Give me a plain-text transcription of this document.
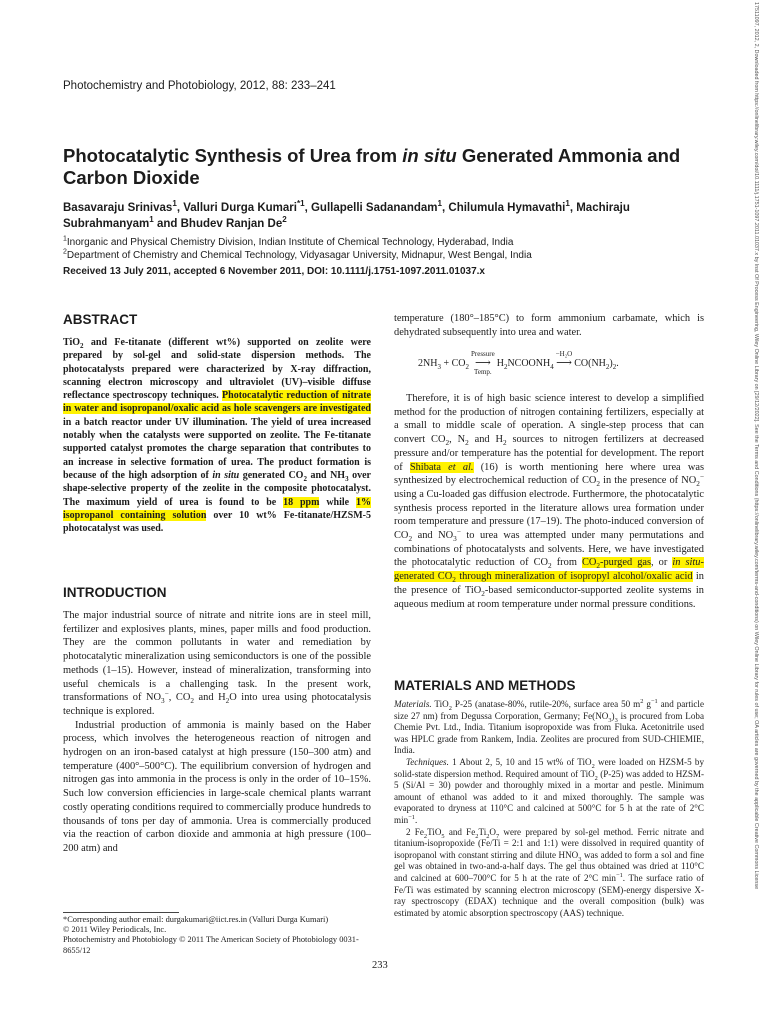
17511097, 2012, 2, Downloaded from https://onlinelibrary.wiley.com/doi/10.1111/j.1751-1097.2011.01037.x by Inst Of Process Engineering, Wiley Online Library on [29/12/2022]. See the Terms and Conditions (https://onlinelibrary.wiley.com/terms-and-conditions) on Wiley Online Library for rules of use; OA articles are governed by the applicable Creative Commons License
Photochemistry and Photobiology, 2012, 88: 233–241
Photocatalytic Synthesis of Urea from in situ Generated Ammonia and Carbon Dioxide
Basavaraju Srinivas$^1$, Valluri Durga Kumari$^{*1}$, Gullapelli Sadanandam$^1$, Chilumula Hymavathi$^1$, Machiraju Subrahmanyam$^1$ and Bhudev Ranjan De$^2$
$^1$Inorganic and Physical Chemistry Division, Indian Institute of Chemical Technology, Hyderabad, India
$^2$Department of Chemistry and Chemical Technology, Vidyasagar University, Midnapur, West Bengal, India
Received 13 July 2011, accepted 6 November 2011, DOI: 10.1111/j.1751-1097.2011.01037.x
ABSTRACT
TiO$_2$ and Fe-titanate (different wt%) supported on zeolite were prepared by sol-gel and solid-state dispersion methods. The photocatalysts prepared were characterized by X-ray diffraction, scanning electron microscopy and ultraviolet (UV)–visible diffuse reflectance spectroscopy techniques. Photocatalytic reduction of nitrate in water and isopropanol/oxalic acid as hole scavengers are investigated in a batch reactor under UV illumination. The yield of urea increased notably when the catalysts were supported on zeolite. The Fe-titanate supported catalyst promotes the charge separation that contributes to an increase in selective formation of urea. The product formation is because of the high adsorption of in situ generated $CO_2$ and $NH_3$ over shape-selective property of the zeolite in the composite photocatalyst. The maximum yield of urea is found to be 18 ppm while 1% isopropanol containing solution over 10 wt% Fe-titanate/HZSM-5 photocatalyst was used.
INTRODUCTION

The major industrial source of nitrate and nitrite ions are in steel mill, fertilizer and explosives plants, mines, paper mills and food production. They are the common pollutants in water and remediation by photocatalytic mineralization using semiconductors is one of the possible methods (1–15). However, instead of mineralization, transforming into useful chemicals is a challenging task. In the present work, transformations of $NO_3^-$, $CO_2$ and $H_2O$ into urea using photocatalysis technique is explored.

Industrial production of ammonia is mainly based on the Haber process, which involves the heterogeneous reaction of nitrogen and hydrogen on an iron-based catalyst at high pressure (150–300 atm) and temperature (400°–500°C). The equilibrium conversion of hydrogen and nitrogen gas into ammonia in the process is only in the order of 10–15%. Such low conversion efficiencies in large-scale chemical plants warrant costly operating conditions required to commercially produce hundreds to thousands of tons per day of ammonia. Urea is commercially produced via the reaction of carbon dioxide and ammonia at high pressure (100–200 atm) and

temperature (180°–185°C) to form ammonium carbamate, which is dehydrated subsequently into urea and water.
$2NH_3 + CO_2$
Pressure
⟶
Temp.
$H_2NCOONH_4$
−H₂O
⟶
$CO(NH_2)_2$.
Therefore, it is of high basic science interest to develop a simplified method for the production of nitrogen containing fertilizers, especially at a small to middle scale of operation. A single-step process that can convert $CO_2$, $N_2$ and $H_2$ sources to nitrogen fertilizers at decreased pressure and/or temperature has the potential for development. The report of Shibata et al. (16) is worth mentioning here where urea was synthesized by electrochemical reduction of $CO_2$ in the presence of $NO_2^-$ using a Cu-loaded gas diffusion electrode. Furthermore, the photocatalytic synthesis process reported in the literature allows urea formation under room temperature and pressure (17–19). The photo-induced conversion of $CO_2$ and $NO_3^-$ to urea was attempted under many permutations and combinations of photocatalysts and solvents. Here, we have investigated the photocatalytic reduction of $CO_2$ from $CO_2$-purged gas, or in situ-generated $CO_2$ through mineralization of isopropyl alcohol/oxalic acid in the presence of TiO$_2$-based semiconductor-supported zeolite systems in aqueous medium at room temperature under normal pressure conditions.
MATERIALS AND METHODS

Materials. TiO$_2$ P-25 (anatase-80%, rutile-20%, surface area 50 $m^2$ $g^{-1}$ and particle size 27 nm) from Degussa Corporation, Germany; $Fe(NO_3)_3$ is procured from Loba Chemie Pvt. Ltd., India. Titanium isopropoxide was from Fluka. Acetonitrile used was HPLC grade from Rankem, India. Zeolites are procured from SUD-CHIEMIE, India.

Techniques. 1 About 2, 5, 10 and 15 wt% of TiO$_2$ were loaded on HZSM-5 by solid-state dispersion method. Required amount of TiO$_2$ (P-25) was added to HZSM-5 (Si/Al = 30) powder and thoroughly mixed in a mortar and pestle. Minimum amount of ethanol was added to it and mixed thoroughly. The sample was evaporated to dryness at 110°C and calcined at 500°C for 5 h at the rate of 2°C $\min^{-1}$.

2 $Fe_2TiO_5$ and $Fe_2Ti_2O_7$ were prepared by sol-gel method. Ferric nitrate and titanium-isopropoxide (Fe/Ti = 2:1 and 1:1) were dissolved in required quantity of isopropanol with constant stirring and dilute $HNO_3$ was added to form a sol and fine gel was obtained in two-and-a-half days. The gel thus obtained was dried at 110°C and calcined at 600–700°C for 5 h at the rate of 2°C $\min^{-1}$. The surface ratio of Fe/Ti was estimated by scanning electron microscopy (SEM)-energy dispersive X-ray spectroscopy (EDAX) technique and the overall composition (bulk) was estimated by atomic absorption spectroscopy (AAS) technique.

*Corresponding author email: durgakumari@iict.res.in (Valluri Durga Kumari)
© 2011 Wiley Periodicals, Inc.
Photochemistry and Photobiology © 2011 The American Society of Photobiology 0031-8655/12
233
